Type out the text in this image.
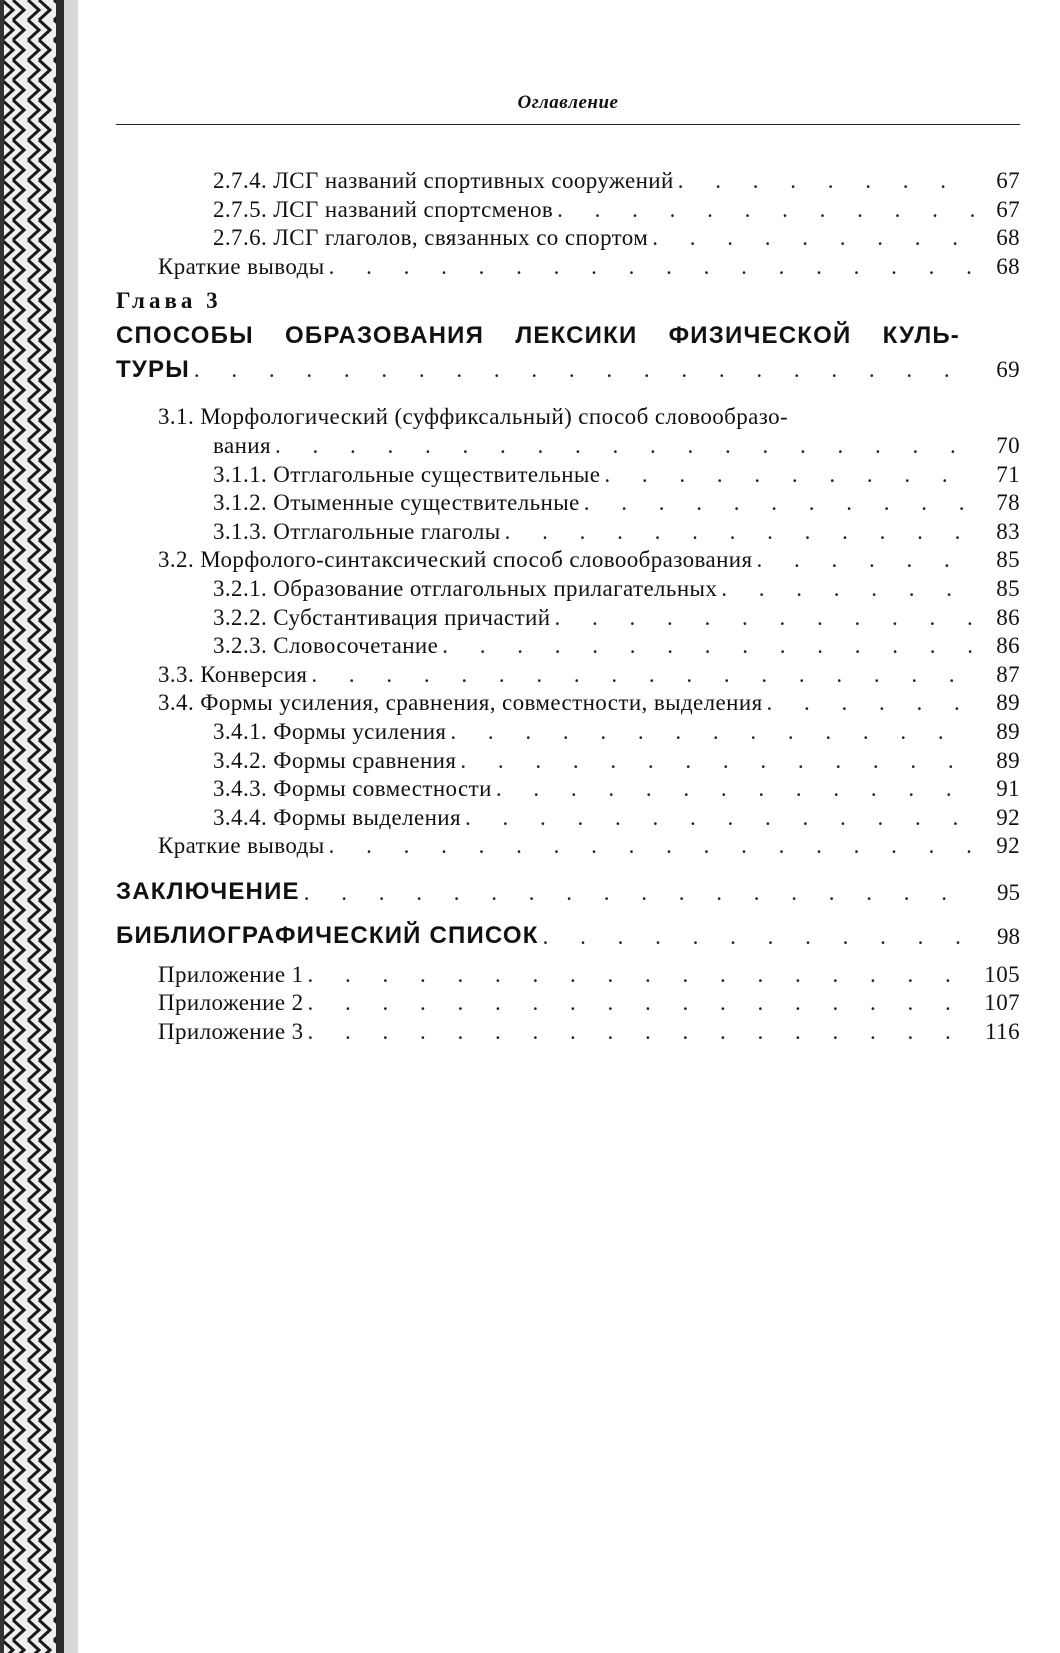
Оглавление
2.7.4. ЛСГ названий спортивных сооружений . . .	67
2.7.5. ЛСГ названий спортсменов . . .	67
2.7.6. ЛСГ глаголов, связанных со спортом . . .	68
Краткие выводы . . .	68
Глава 3
СПОСОБЫ ОБРАЗОВАНИЯ ЛЕКСИКИ ФИЗИЧЕСКОЙ КУЛЬ-
ТУРЫ . . .	69
3.1. Морфологический (суффиксальный) способ словообразо-
вания . . .	70
3.1.1. Отглагольные существительные . . .	71
3.1.2. Отыменные существительные . . .	78
3.1.3. Отглагольные глаголы . . .	83
3.2. Морфолого-синтаксический способ словообразования . . .	85
3.2.1. Образование отглагольных прилагательных . . .	85
3.2.2. Субстантивация причастий . . .	86
3.2.3. Словосочетание . . .	86
3.3. Конверсия . . .	87
3.4. Формы усиления, сравнения, совместности, выделения . . .	89
3.4.1. Формы усиления . . .	89
3.4.2. Формы сравнения . . .	89
3.4.3. Формы совместности . . .	91
3.4.4. Формы выделения . . .	92
Краткие выводы . . .	92
ЗАКЛЮЧЕНИЕ . . .	95
БИБЛИОГРАФИЧЕСКИЙ СПИСОК . . .	98
Приложение 1 . . .	105
Приложение 2 . . .	107
Приложение 3 . . .	116
